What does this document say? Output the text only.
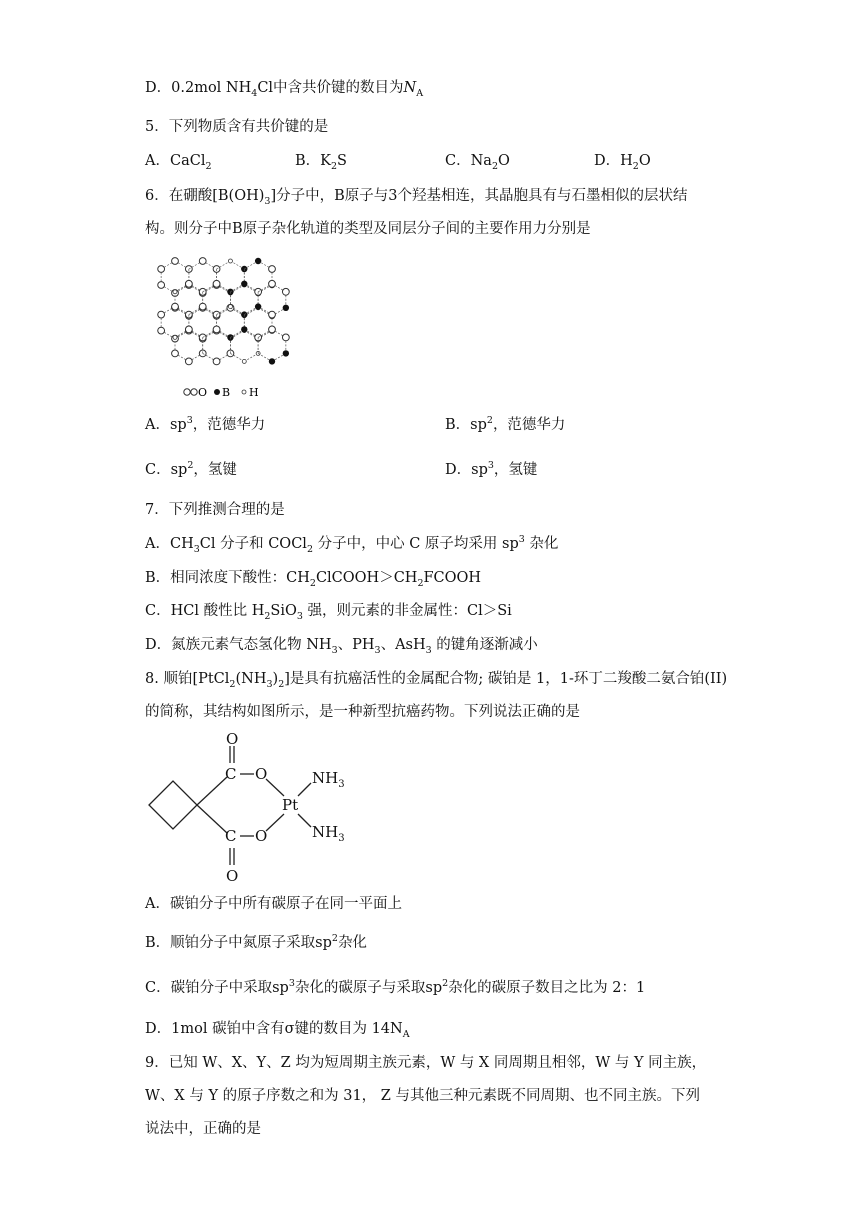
D．0.2mol $NH_4Cl$中含共价键的数目为$N_A$
5．下列物质含有共价键的是
A．CaCl$_2$	B．$K_2S$	C．$Na_2O$	D．$H_2O$
6．在硼酸$[B(OH)_3]$分子中，B原子与3个羟基相连，其晶胞具有与石墨相似的层状结
构。则分子中B原子杂化轨道的类型及同层分子间的主要作用力分别是
O B H
A．$sp^3$，范德华力	B．$sp^2$，范德华力
C．$sp^2$，氢键	D．$sp^3$，氢键
7．下列推测合理的是
A．$CH_3Cl$ 分子和 COCl$_2$ 分子中，中心 C 原子均采用 $sp^3$ 杂化
B．相同浓度下酸性：$CH_2ClCOOH>CH_2FCOOH$
C．HCl 酸性比 $H_2SiO_3$ 强，则元素的非金属性：Cl＞Si
D．氮族元素气态氢化物 $NH_3$、$PH_3$、AsH$_3$ 的键角逐渐减小
8. 顺铂$[PtCl_2(NH_3)_2]$是具有抗癌活性的金属配合物; 碳铂是 1，1-环丁二羧酸二氨合铂(II)
的简称，其结构如图所示，是一种新型抗癌药物。下列说法正确的是
O
C O
Pt
$NH_3$
$NH_3$
C O
O
A．碳铂分子中所有碳原子在同一平面上
B．顺铂分子中氮原子采取$sp^2$杂化
C．碳铂分子中采取$sp^3$杂化的碳原子与采取$sp^2$杂化的碳原子数目之比为 2：1
D．1mol 碳铂中含有σ键的数目为 $14N_A$
9．已知 W、X、Y、Z 均为短周期主族元素，W 与 X 同周期且相邻，W 与 Y 同主族，
W、X 与 Y 的原子序数之和为 31， Z 与其他三种元素既不同周期、也不同主族。下列
说法中，正确的是
